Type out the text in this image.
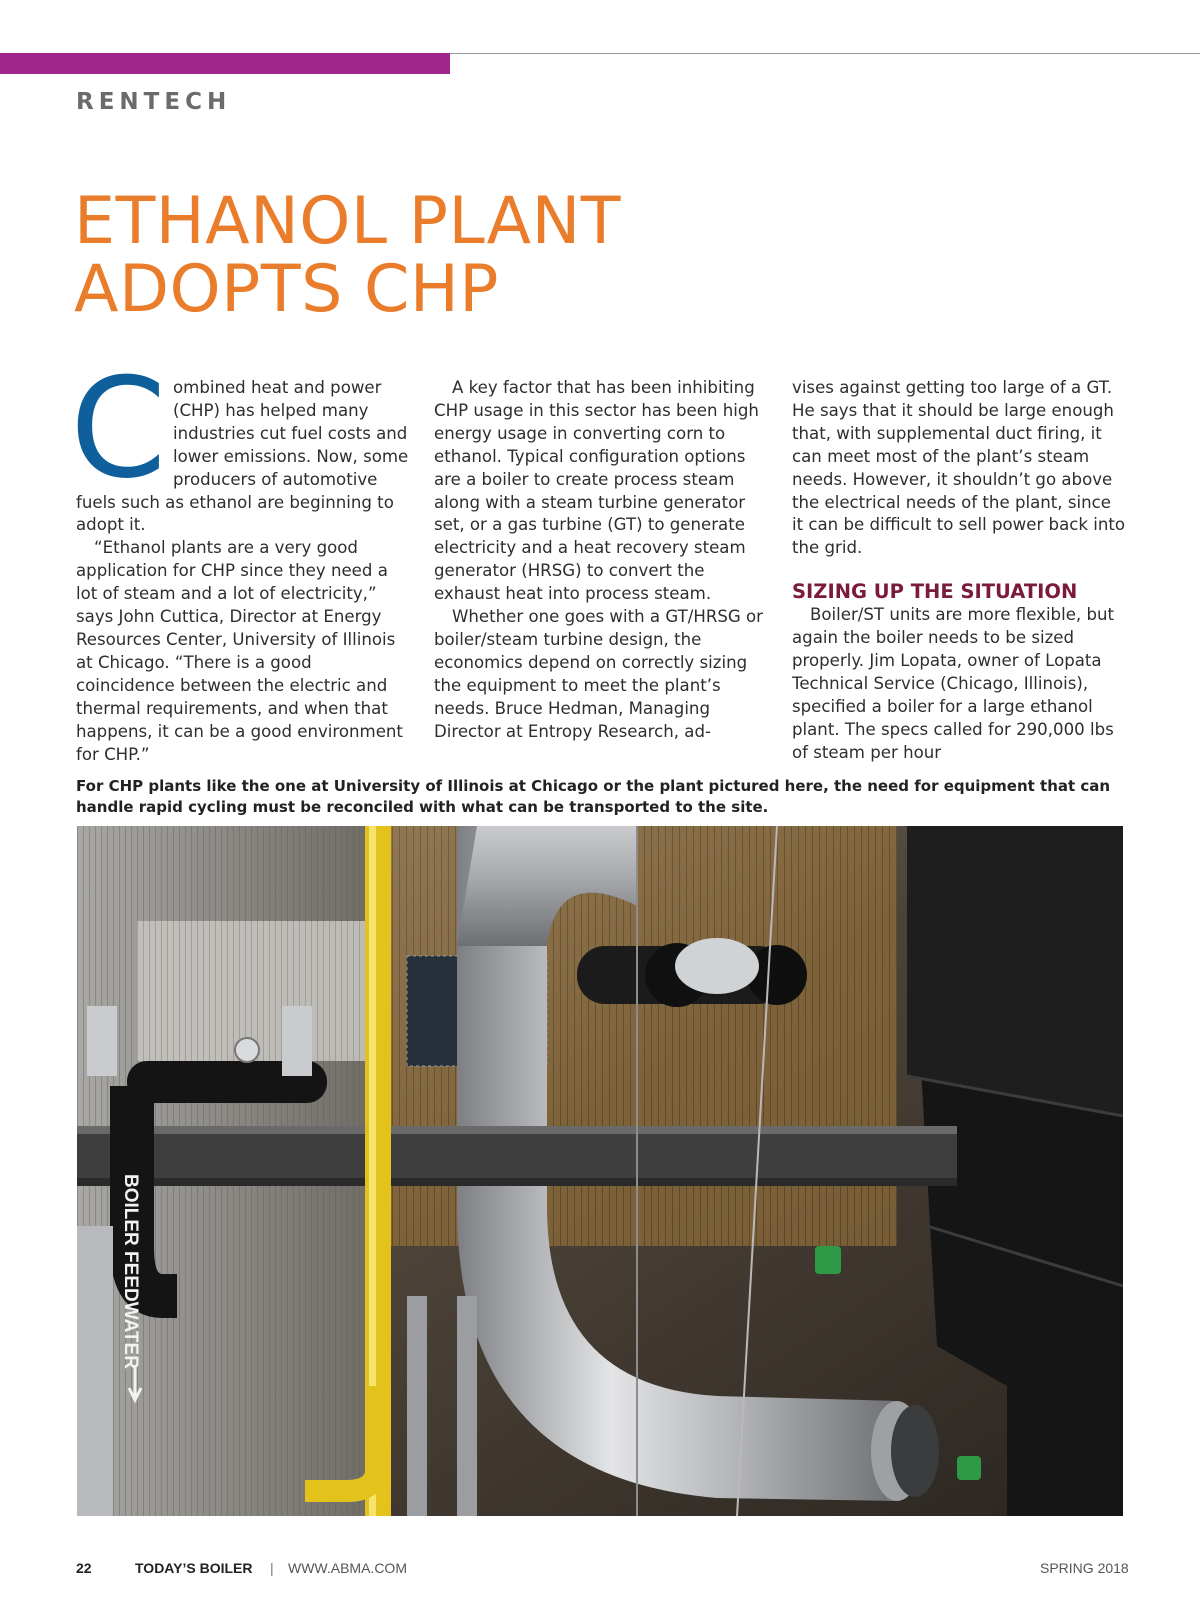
RENTECH
ETHANOL PLANT
ADOPTS CHP
C ombined heat and power (CHP) has helped many industries cut fuel costs and lower emissions. Now, some producers of automotive fuels such as ethanol are beginning to adopt it.

“Ethanol plants are a very good application for CHP since they need a lot of steam and a lot of electricity,” says John Cuttica, Director at Energy Resources Center, University of Illinois at Chicago. “There is a good coincidence between the electric and thermal requirements, and when that happens, it can be a good environment for CHP.”

A key factor that has been inhibiting CHP usage in this sector has been high energy usage in converting corn to ethanol. Typical configuration options are a boiler to create process steam along with a steam turbine generator set, or a gas turbine (GT) to generate electricity and a heat recovery steam generator (HRSG) to convert the exhaust heat into process steam.

Whether one goes with a GT/HRSG or boiler/steam turbine design, the economics depend on correctly sizing the equipment to meet the plant’s needs. Bruce Hedman, Managing Director at Entropy Research, ad-

vises against getting too large of a GT. He says that it should be large enough that, with supplemental duct firing, it can meet most of the plant’s steam needs. However, it shouldn’t go above the electrical needs of the plant, since it can be difficult to sell power back into the grid.

SIZING UP THE SITUATION

Boiler/ST units are more flexible, but again the boiler needs to be sized properly. Jim Lopata, owner of Lopata Technical Service (Chicago, Illinois), specified a boiler for a large ethanol plant. The specs called for 290,000 lbs of steam per hour

For CHP plants like the one at University of Illinois at Chicago or the plant pictured here, the need for equipment that can handle rapid cycling must be reconciled with what can be transported to the site.

BOILER FEEDWATER
22	TODAY’S BOILER | WWW.ABMA.COM	SPRING 2018
